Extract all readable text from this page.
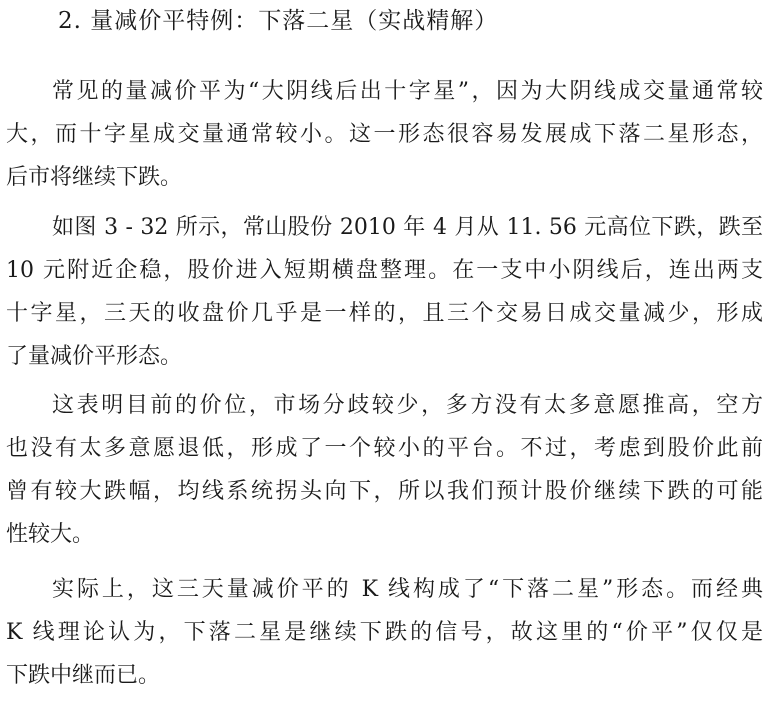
2. 量减价平特例：下落二星（实战精解）
常见的量减价平为“大阴线后出十字星”，因为大阴线成交量通常较
大，而十字星成交量通常较小。这一形态很容易发展成下落二星形态，
后市将继续下跌。
如图 3 - 32 所示，常山股份 2010 年 4 月从 11. 56 元高位下跌，跌至
10 元附近企稳，股价进入短期横盘整理。在一支中小阴线后，连出两支
十字星，三天的收盘价几乎是一样的，且三个交易日成交量减少，形成
了量减价平形态。
这表明目前的价位，市场分歧较少，多方没有太多意愿推高，空方
也没有太多意愿退低，形成了一个较小的平台。不过，考虑到股价此前
曾有较大跌幅，均线系统拐头向下，所以我们预计股价继续下跌的可能
性较大。
实际上，这三天量减价平的 K 线构成了“下落二星”形态。而经典
K 线理论认为，下落二星是继续下跌的信号，故这里的“价平”仅仅是
下跌中继而已。
